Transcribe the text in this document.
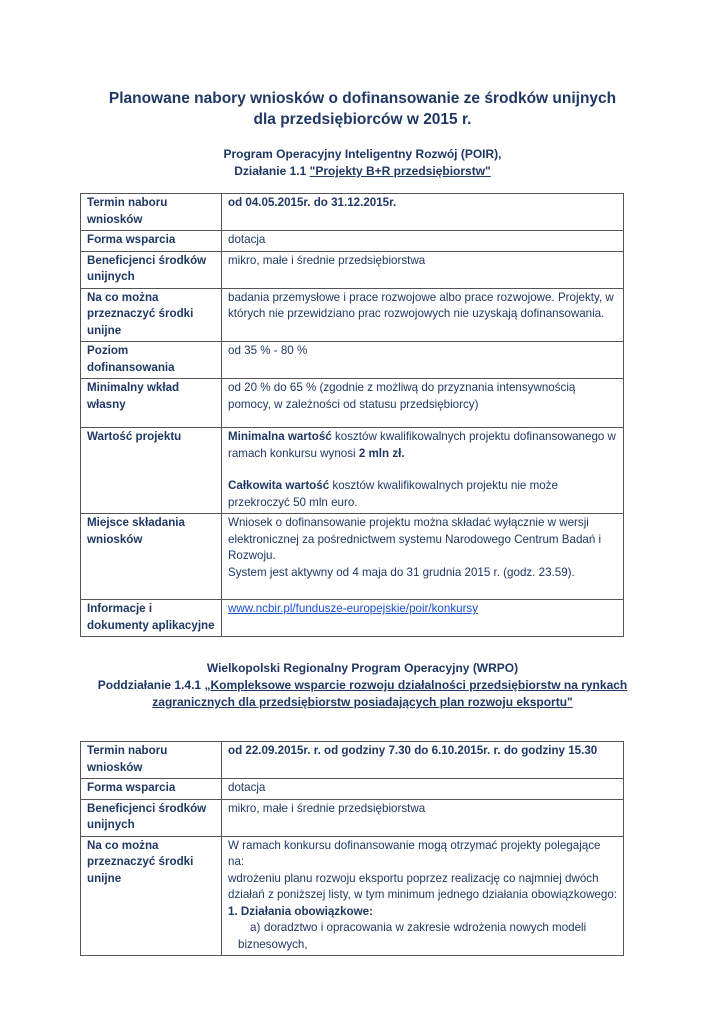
Planowane nabory wniosków o dofinansowanie ze środków unijnych
dla przedsiębiorców w 2015 r.
Program Operacyjny Inteligentny Rozwój (POIR),
Działanie 1.1 "Projekty B+R przedsiębiorstw"
Termin naboru wniosków	od 04.05.2015r. do 31.12.2015r.
Forma wsparcia	dotacja
Beneficjenci środków unijnych	mikro, małe i średnie przedsiębiorstwa
Na co można przeznaczyć środki unijne	badania przemysłowe i prace rozwojowe albo prace rozwojowe. Projekty, w których nie przewidziano prac rozwojowych nie uzyskają dofinansowania.
Poziom dofinansowania	od 35 % - 80 %
Minimalny wkład własny	od 20 % do 65 % (zgodnie z możliwą do przyznania intensywnością pomocy, w zależności od statusu przedsiębiorcy)
Wartość projektu	Minimalna wartość kosztów kwalifikowalnych projektu dofinansowanego w ramach konkursu wynosi 2 mln zł.
Całkowita wartość kosztów kwalifikowalnych projektu nie może przekroczyć 50 mln euro.

Miejsce składania wniosków	Wniosek o dofinansowanie projektu można składać wyłącznie w wersji elektronicznej za pośrednictwem systemu Narodowego Centrum Badań i Rozwoju.
System jest aktywny od 4 maja do 31 grudnia 2015 r. (godz. 23.59).

Informacje i dokumenty aplikacyjne	www.ncbir.pl/fundusze-europejskie/poir/konkursy
Wielkopolski Regionalny Program Operacyjny (WRPO)
Poddziałanie 1.4.1 „Kompleksowe wsparcie rozwoju działalności przedsiębiorstw na rynkach
zagranicznych dla przedsiębiorstw posiadających plan rozwoju eksportu"
Termin naboru wniosków	od 22.09.2015r. r. od godziny 7.30 do 6.10.2015r. r. do godziny 15.30
Forma wsparcia	dotacja
Beneficjenci środków unijnych	mikro, małe i średnie przedsiębiorstwa
Na co można przeznaczyć środki unijne	W ramach konkursu dofinansowanie mogą otrzymać projekty polegające na:
wdrożeniu planu rozwoju eksportu poprzez realizację co najmniej dwóch działań z poniższej listy, w tym minimum jednego działania obowiązkowego:
1. Działania obowiązkowe:
a) doradztwo i opracowania w zakresie wdrożenia nowych modeli biznesowych,
